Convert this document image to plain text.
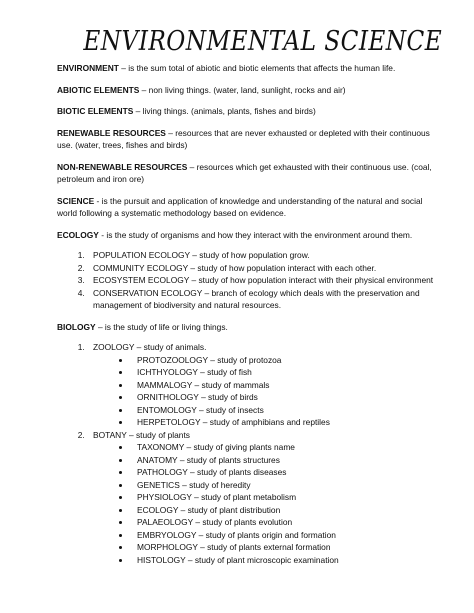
ENVIRONMENTAL SCIENCE

ENVIRONMENT – is the sum total of abiotic and biotic elements that affects the human life.

ABIOTIC ELEMENTS – non living things. (water, land, sunlight, rocks and air)

BIOTIC ELEMENTS – living things. (animals, plants, fishes and birds)

RENEWABLE RESOURCES – resources that are never exhausted or depleted with their continuous use. (water, trees, fishes and birds)

NON-RENEWABLE RESOURCES – resources which get exhausted with their continuous use. (coal, petroleum and iron ore)

SCIENCE - is the pursuit and application of knowledge and understanding of the natural and social world following a systematic methodology based on evidence.

ECOLOGY - is the study of organisms and how they interact with the environment around them.

1. POPULATION ECOLOGY – study of how population grow.
2. COMMUNITY ECOLOGY – study of how population interact with each other.
3. ECOSYSTEM ECOLOGY – study of how population interact with their physical environment
4. CONSERVATION ECOLOGY – branch of ecology which deals with the preservation and management of biodiversity and natural resources.

BIOLOGY – is the study of life or living things.

1. ZOOLOGY – study of animals.
• PROTOZOOLOGY – study of protozoa
• ICHTHYOLOGY – study of fish
• MAMMALOGY – study of mammals
• ORNITHOLOGY – study of birds
• ENTOMOLOGY – study of insects
• HERPETOLOGY – study of amphibians and reptiles
2. BOTANY – study of plants
• TAXONOMY – study of giving plants name
• ANATOMY – study of plants structures
• PATHOLOGY – study of plants diseases
• GENETICS – study of heredity
• PHYSIOLOGY – study of plant metabolism
• ECOLOGY – study of plant distribution
• PALAEOLOGY – study of plants evolution
• EMBRYOLOGY – study of plants origin and formation
• MORPHOLOGY – study of plants external formation
• HISTOLOGY – study of plant microscopic examination
